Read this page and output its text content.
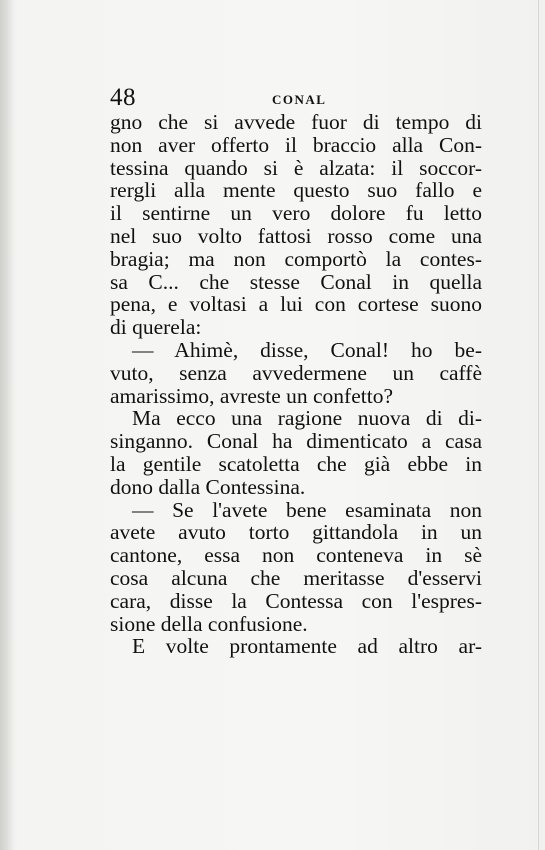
48	CONAL
gno che si avvede fuor di tempo di
non aver offerto il braccio alla Con-
tessina quando si è alzata: il soccor-
rergli alla mente questo suo fallo e
il sentirne un vero dolore fu letto
nel suo volto fattosi rosso come una
bragia; ma non comportò la contes-
sa C... che stesse Conal in quella
pena, e voltasi a lui con cortese suono
di querela:
— Ahimè, disse, Conal! ho be-
vuto, senza avvedermene un caffè
amarissimo, avreste un confetto?
Ma ecco una ragione nuova di di-
singanno. Conal ha dimenticato a casa
la gentile scatoletta che già ebbe in
dono dalla Contessina.
— Se l'avete bene esaminata non
avete avuto torto gittandola in un
cantone, essa non conteneva in sè
cosa alcuna che meritasse d'esservi
cara, disse la Contessa con l'espres-
sione della confusione.
E volte prontamente ad altro ar-
